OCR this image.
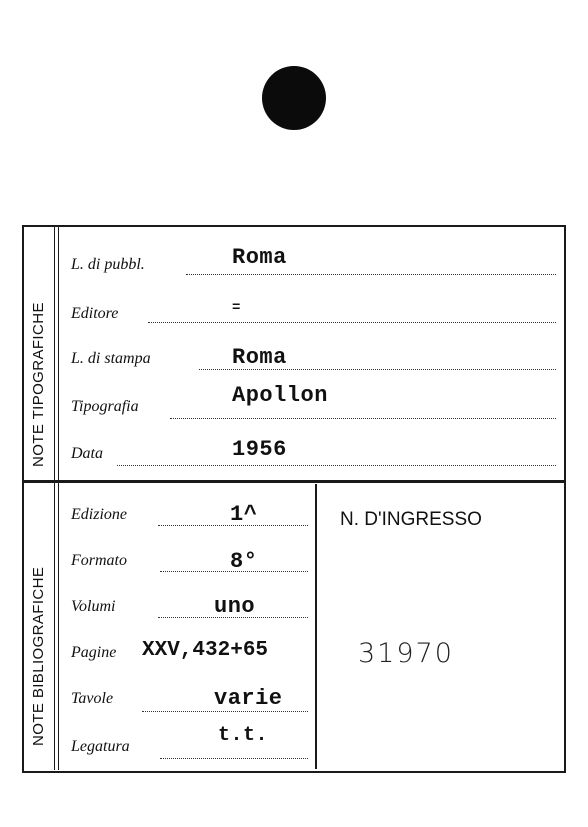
NOTE TIPOGRAFICHE
NOTE BIBLIOGRAFICHE
L. di pubbl.	Roma
Editore	=
L. di stampa	Roma
Tipografia	Apollon
Data	1956
Edizione	1^
Formato	8°
Volumi	uno
Pagine XXV,432+65
Tavole	varie
Legatura	t.t.
N. D'INGRESSO
31970
